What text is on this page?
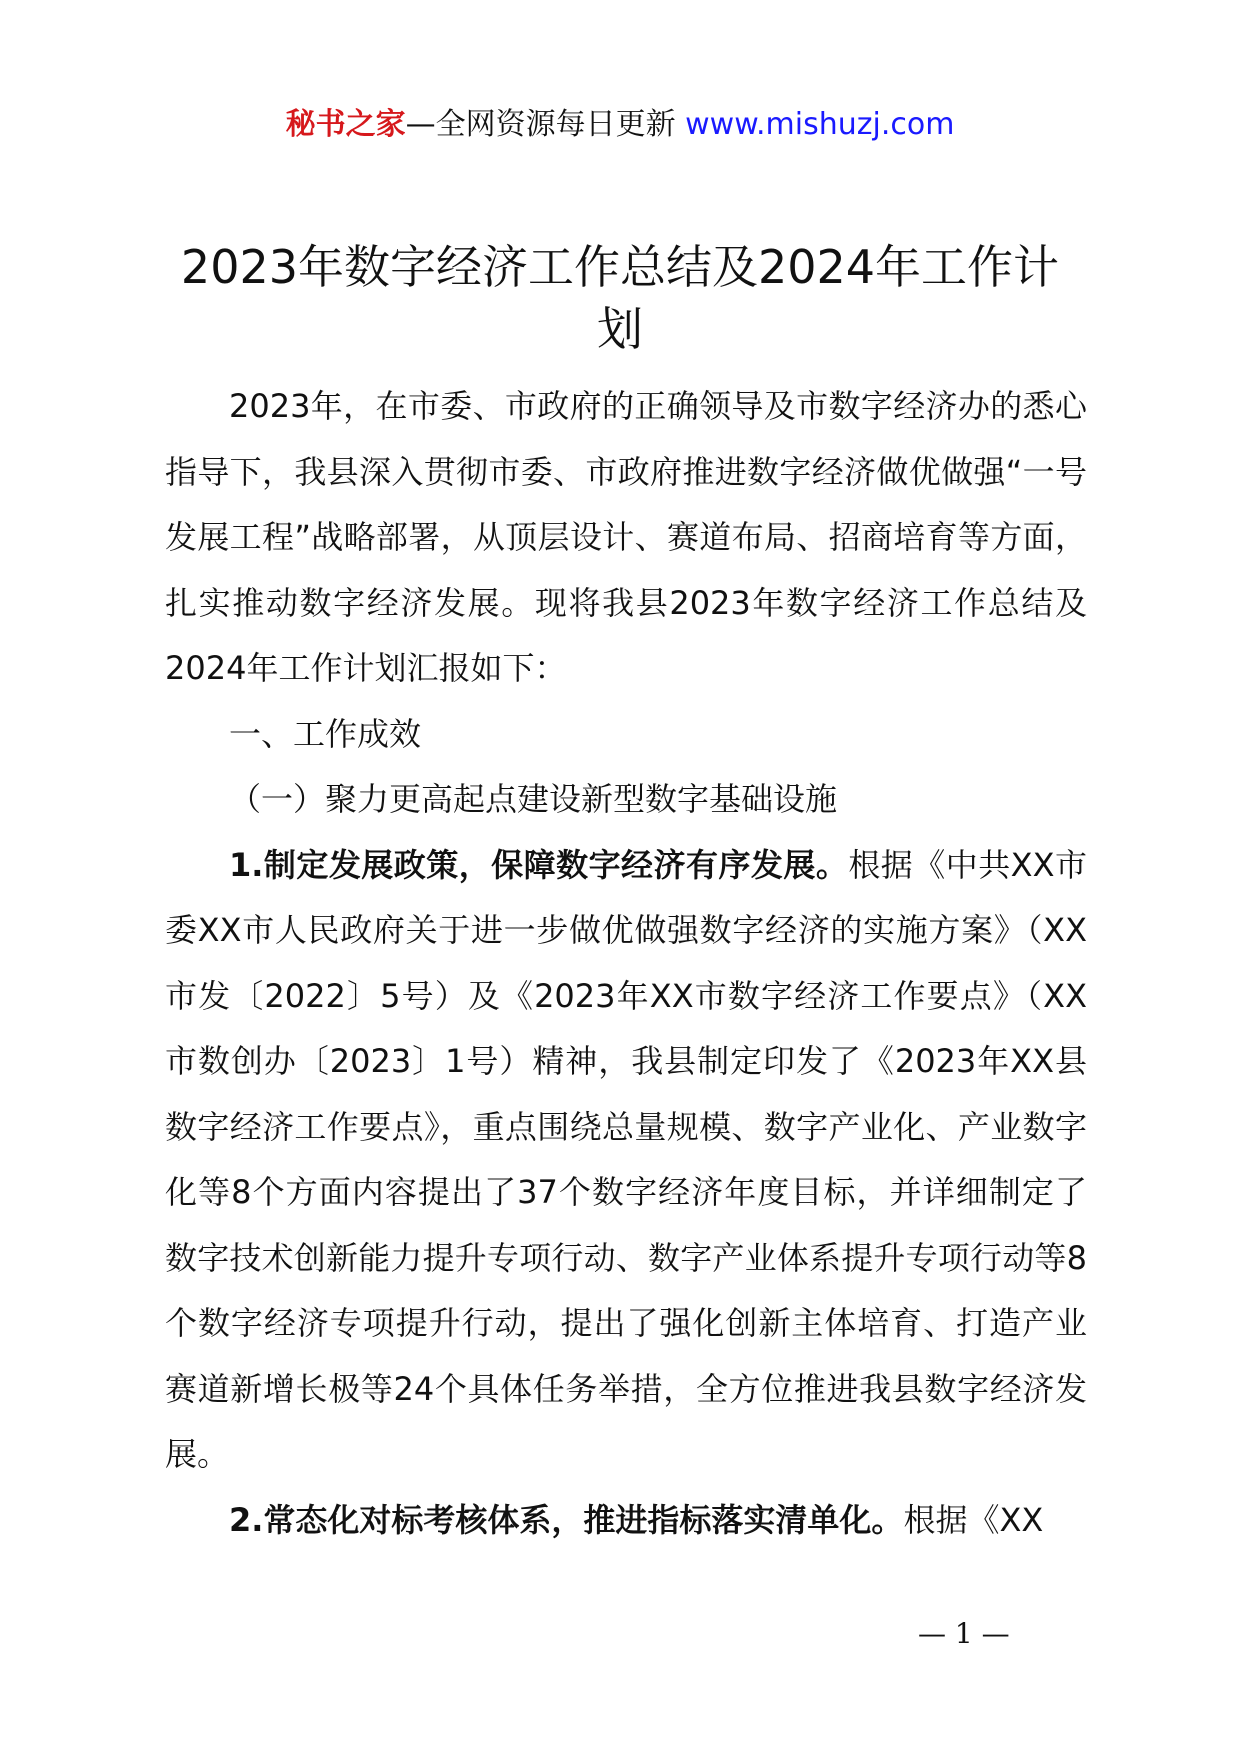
秘书之家—全网资源每日更新 www.mishuzj.com
2023年数字经济工作总结及2024年工作计划

2023年，在市委、市政府的正确领导及市数字经济办的悉心指导下，我县深入贯彻市委、市政府推进数字经济做优做强“一号发展工程”战略部署，从顶层设计、赛道布局、招商培育等方面，扎实推动数字经济发展。现将我县2023年数字经济工作总结及2024年工作计划汇报如下：

一、工作成效

（一）聚力更高起点建设新型数字基础设施

1.制定发展政策，保障数字经济有序发展。根据《中共XX市委XX市人民政府关于进一步做优做强数字经济的实施方案》（XX市发〔2022〕5号）及《2023年XX市数字经济工作要点》（XX市数创办〔2023〕1号）精神，我县制定印发了《2023年XX县数字经济工作要点》，重点围绕总量规模、数字产业化、产业数字化等8个方面内容提出了37个数字经济年度目标，并详细制定了数字技术创新能力提升专项行动、数字产业体系提升专项行动等8个数字经济专项提升行动，提出了强化创新主体培育、打造产业赛道新增长极等24个具体任务举措，全方位推进我县数字经济发展。

2.常态化对标考核体系，推进指标落实清单化。根据《XX

— 1 —
